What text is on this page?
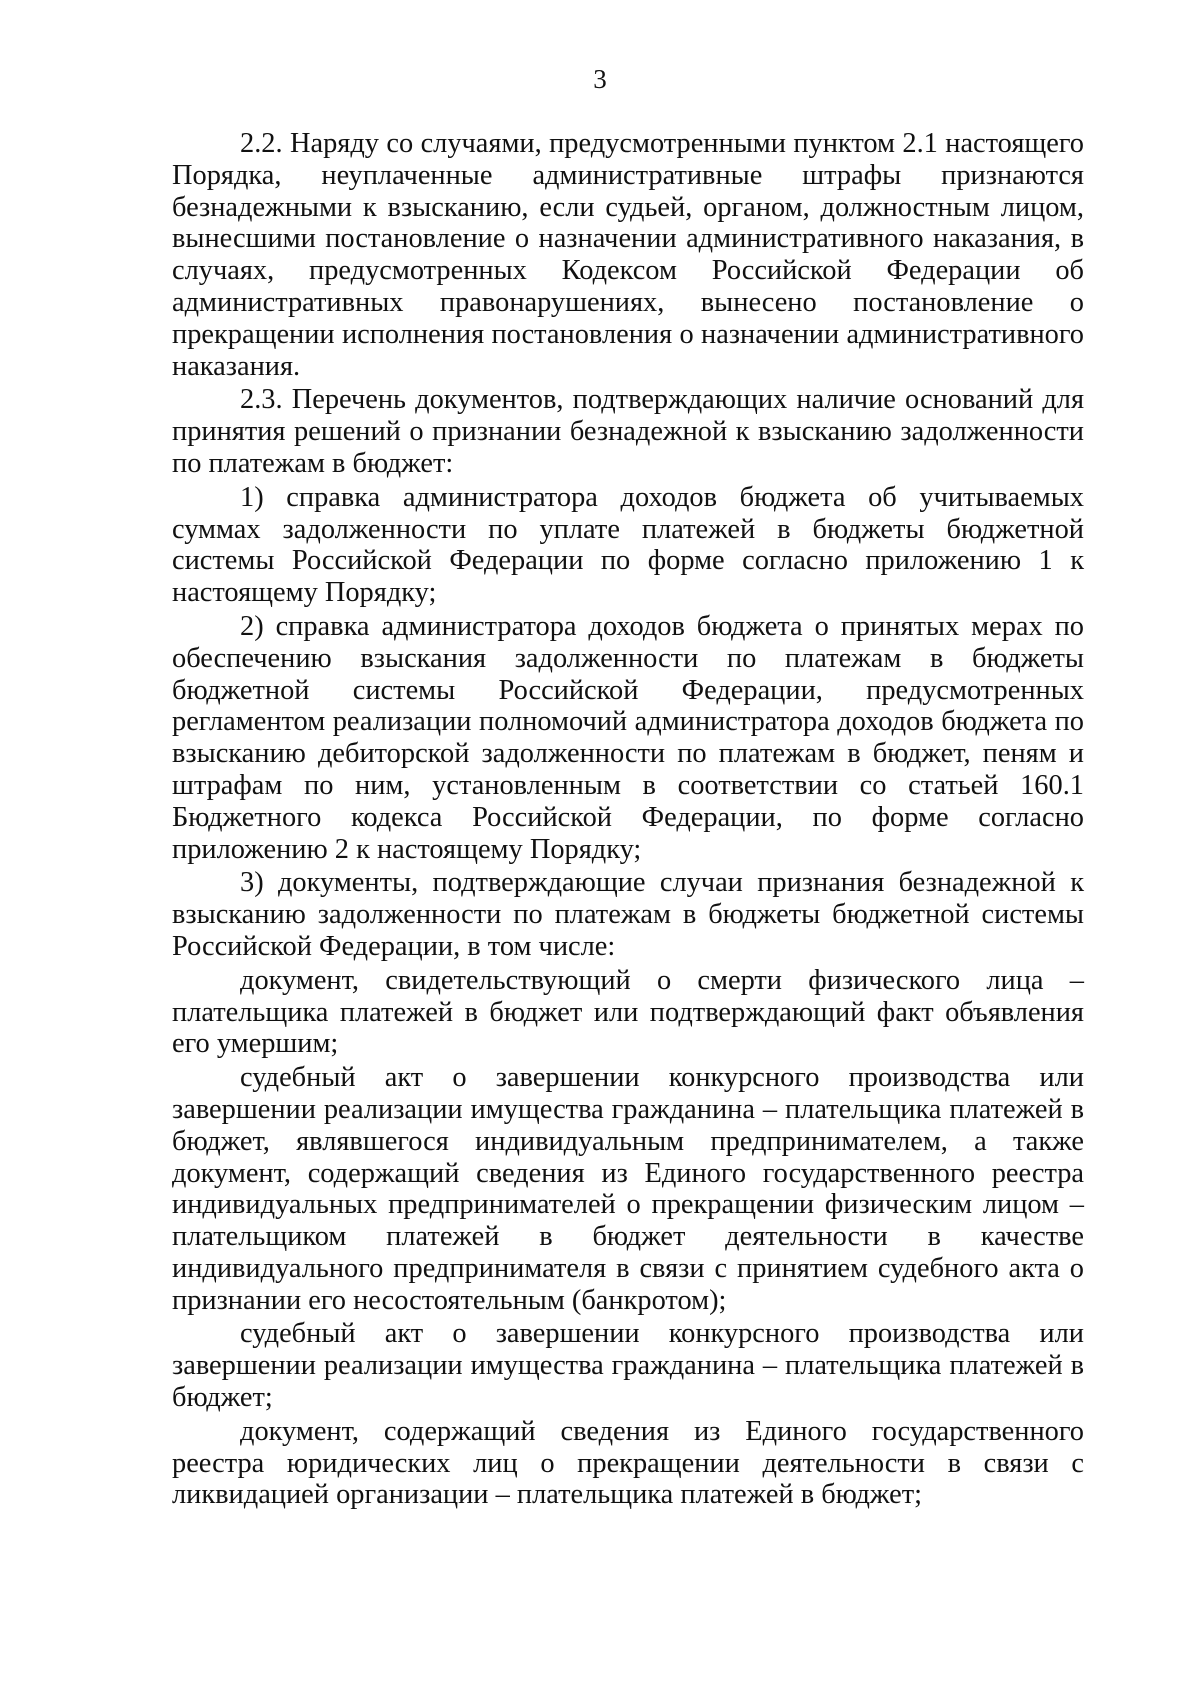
3

2.2. Наряду со случаями, предусмотренными пунктом 2.1 настоящего Порядка, неуплаченные административные штрафы признаются безнадежными к взысканию, если судьей, органом, должностным лицом, вынесшими постановление о назначении административного наказания, в случаях, предусмотренных Кодексом Российской Федерации об административных правонарушениях, вынесено постановление о прекращении исполнения постановления о назначении административного наказания.

2.3. Перечень документов, подтверждающих наличие оснований для принятия решений о признании безнадежной к взысканию задолженности по платежам в бюджет:

1) справка администратора доходов бюджета об учитываемых суммах задолженности по уплате платежей в бюджеты бюджетной системы Российской Федерации по форме согласно приложению 1 к настоящему Порядку;

2) справка администратора доходов бюджета о принятых мерах по обеспечению взыскания задолженности по платежам в бюджеты бюджетной системы Российской Федерации, предусмотренных регламентом реализации полномочий администратора доходов бюджета по взысканию дебиторской задолженности по платежам в бюджет, пеням и штрафам по ним, установленным в соответствии со статьей 160.1 Бюджетного кодекса Российской Федерации, по форме согласно приложению 2 к настоящему Порядку;

3) документы, подтверждающие случаи признания безнадежной к взысканию задолженности по платежам в бюджеты бюджетной системы Российской Федерации, в том числе:

документ, свидетельствующий о смерти физического лица – плательщика платежей в бюджет или подтверждающий факт объявления его умершим;

судебный акт о завершении конкурсного производства или завершении реализации имущества гражданина – плательщика платежей в бюджет, являвшегося индивидуальным предпринимателем, а также документ, содержащий сведения из Единого государственного реестра индивидуальных предпринимателей о прекращении физическим лицом – плательщиком платежей в бюджет деятельности в качестве индивидуального предпринимателя в связи с принятием судебного акта о признании его несостоятельным (банкротом);

судебный акт о завершении конкурсного производства или завершении реализации имущества гражданина – плательщика платежей в бюджет;

документ, содержащий сведения из Единого государственного реестра юридических лиц о прекращении деятельности в связи с ликвидацией организации – плательщика платежей в бюджет;
